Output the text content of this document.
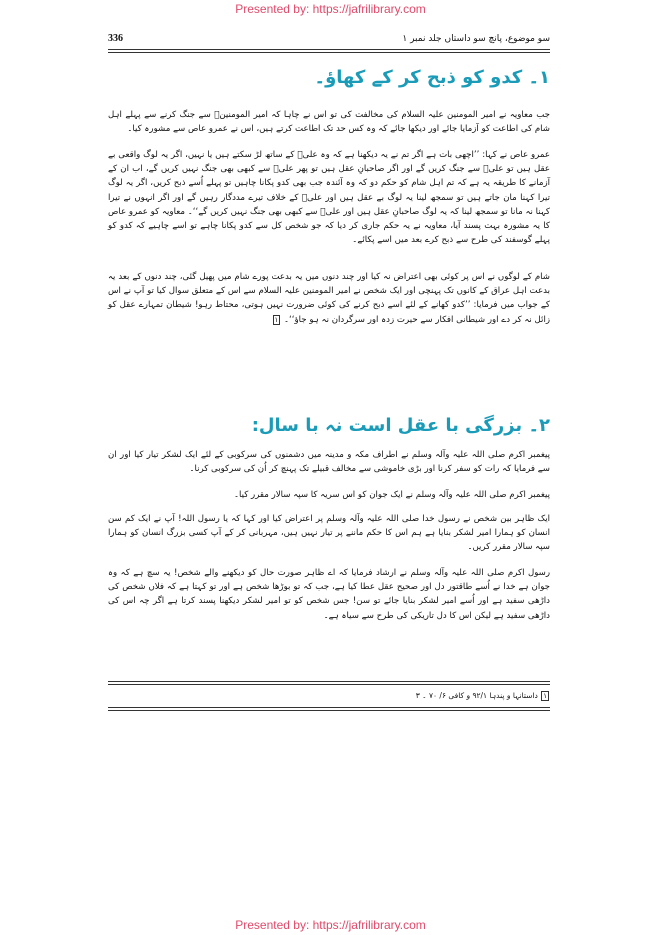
Presented by: https://jafrilibrary.com
سو موضوع، پانچ سو داستاں جلد نمبر ۱
336
۱۔ کدو کو ذبح کر کے کھاؤ۔

جب معاویہ نے امیر المومنین علیہ السلام کی مخالفت کی تو اس نے چاہا کہ امیر المومنینؑ سے جنگ کرنے سے پہلے اہل شام کی اطاعت کو آزمایا جائے اور دیکھا جائے کہ وہ کس حد تک اطاعت کرتے ہیں، اس نے عمرو عاص سے مشورہ کیا۔

عمرو عاص نے کہا: ’’اچھی بات ہے اگر تم نے یہ دیکھنا ہے کہ وہ علیؑ کے ساتھ لڑ سکتے ہیں یا نہیں، اگر یہ لوگ واقعی بے عقل ہیں تو علیؑ سے جنگ کریں گے اور اگر صاحبانِ عقل ہیں تو پھر علیؑ سے کبھی بھی جنگ نہیں کریں گے، اب ان کے آزمانے کا طریقہ یہ ہے کہ تم اہل شام کو حکم دو کہ وہ آئندہ جب بھی کدو پکانا چاہیں تو پہلے اُسے ذبح کریں، اگر یہ لوگ تیرا کہنا مان جاتے ہیں تو سمجھ لینا یہ لوگ بے عقل ہیں اور علیؑ کے خلاف تیرے مددگار رہیں گے اور اگر انہوں نے تیرا کہنا نہ مانا تو سمجھ لینا کہ یہ لوگ صاحبانِ عقل ہیں اور علیؑ سے کبھی بھی جنگ نہیں کریں گے‘‘۔ معاویہ کو عمرو عاص کا یہ مشورہ بہت پسند آیا، معاویہ نے یہ حکم جاری کر دیا کہ جو شخص کل سے کدو پکانا چاہے تو اسے چاہیے کہ کدو کو پہلے گوسفند کی طرح سے ذبح کرے بعد میں اسے پکائے۔

شام کے لوگوں نے اس پر کوئی بھی اعتراض نہ کیا اور چند دنوں میں یہ بدعت پورے شام میں پھیل گئی، چند دنوں کے بعد یہ بدعت اہل عراق کے کانوں تک پہنچی اور ایک شخص نے امیر المومنین علیہ السلام سے اس کے متعلق سوال کیا تو آپ نے اس کے جواب میں فرمایا: ’’کدو کھانے کے لئے اسے ذبح کرنے کی کوئی ضرورت نہیں ہوتی، محتاط رہو! شیطان تمہارے عقل کو زائل نہ کر دے اور شیطانی افکار سے حیرت زدہ اور سرگردان نہ ہو جاؤ‘‘۔ ۱

۲۔ بزرگی با عقل است نہ با سال:

پیغمبر اکرم صلی اللہ علیہ وآلہ وسلم نے اطراف مکہ و مدینہ میں دشمنوں کی سرکوبی کے لئے ایک لشکر تیار کیا اور ان سے فرمایا کہ رات کو سفر کرنا اور بڑی خاموشی سے مخالف قبیلے تک پہنچ کر اُن کی سرکوبی کرنا۔

پیغمبر اکرم صلی اللہ علیہ وآلہ وسلم نے ایک جوان کو اس سریہ کا سپہ سالار مقرر کیا۔

ایک ظاہر بین شخص نے رسول خدا صلی اللہ علیہ وآلہ وسلم پر اعتراض کیا اور کہا کہ یا رسول اللہ! آپ نے ایک کم سن انسان کو ہمارا امیر لشکر بنایا ہے ہم اس کا حکم ماننے پر تیار نہیں ہیں، مہربانی کر کے آپ کسی بزرگ انسان کو ہمارا سپہ سالار مقرر کریں۔

رسول اکرم صلی اللہ علیہ وآلہ وسلم نے ارشاد فرمایا کہ اے ظاہر صورت حال کو دیکھنے والے شخص! یہ سچ ہے کہ وہ جوان ہے خدا نے اُسے طاقتور دل اور صحیح عقل عطا کیا ہے، جب کہ تو بوڑھا شخص ہے اور تو کہتا ہے کہ فلاں شخص کی داڑھی سفید ہے اور اُسے امیر لشکر بنایا جائے تو سن! جس شخص کو تو امیر لشکر دیکھنا پسند کرتا ہے اگر چہ اس کی داڑھی سفید ہے لیکن اس کا دل تاریکی کی طرح سے سیاہ ہے۔

۱ داستانہا و پندہا ۹۲/۱ و کافی ۶/ ۷۰ ۔ ۳
Presented by: https://jafrilibrary.com
